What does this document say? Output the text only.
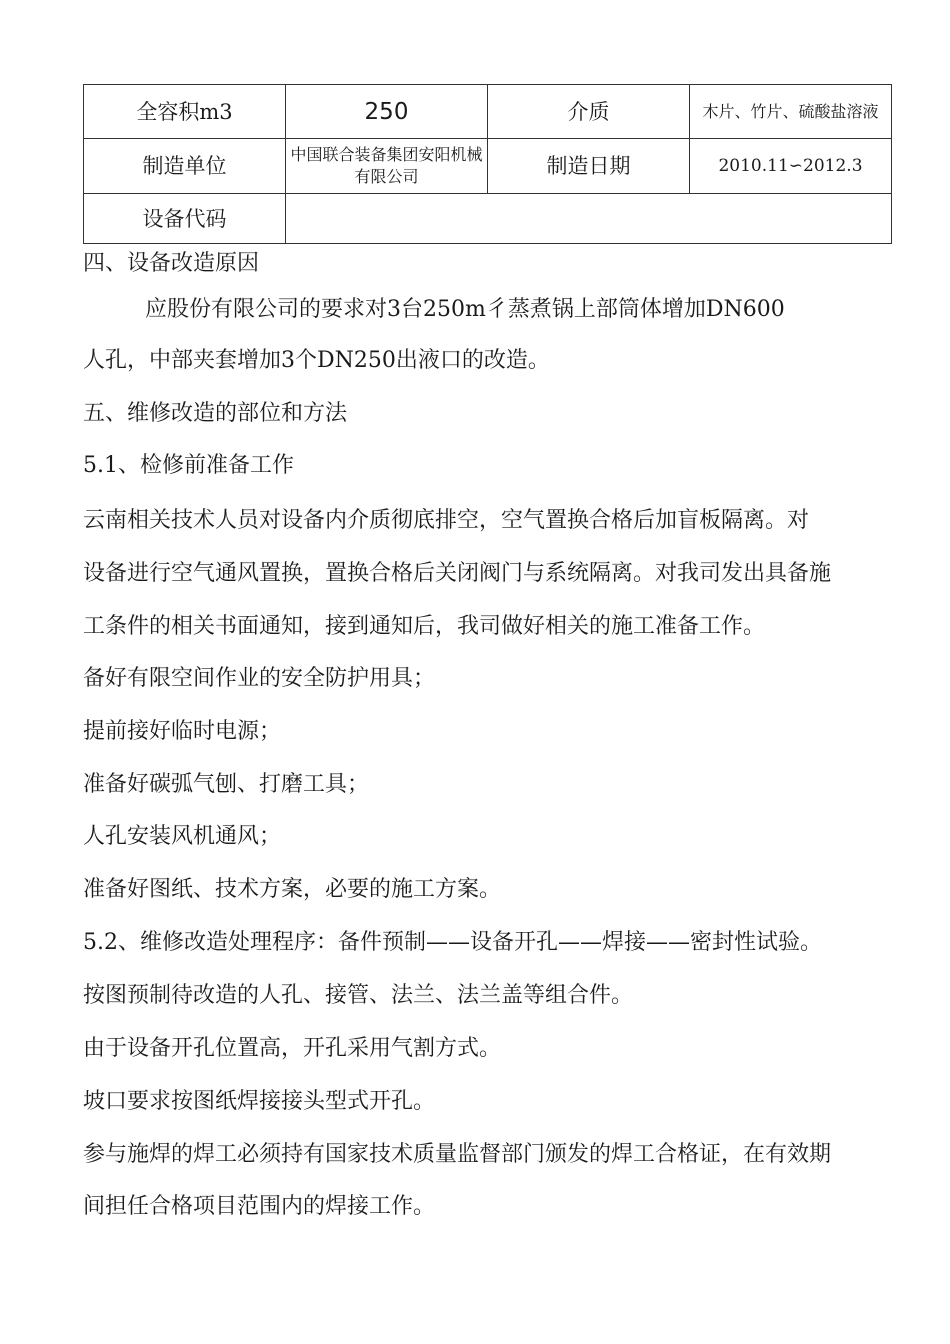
全容积m3	250	介质	木片、竹片、硫酸盐溶液
制造单位	中国联合装备集团安阳机械有限公司	制造日期	2010.11∽2012.3
设备代码			
四、设备改造原因
应股份有限公司的要求对3台250m彳蒸煮锅上部筒体增加DN600
人孔，中部夹套增加3个DN250出液口的改造。
五、维修改造的部位和方法
5.1、检修前准备工作
云南相关技术人员对设备内介质彻底排空，空气置换合格后加盲板隔离。对
设备进行空气通风置换，置换合格后关闭阀门与系统隔离。对我司发出具备施
工条件的相关书面通知，接到通知后，我司做好相关的施工准备工作。
备好有限空间作业的安全防护用具；
提前接好临时电源；
准备好碳弧气刨、打磨工具；
人孔安装风机通风；
准备好图纸、技术方案，必要的施工方案。
5.2、维修改造处理程序：备件预制——设备开孔——焊接——密封性试验。
按图预制待改造的人孔、接管、法兰、法兰盖等组合件。
由于设备开孔位置高，开孔采用气割方式。
坡口要求按图纸焊接接头型式开孔。
参与施焊的焊工必须持有国家技术质量监督部门颁发的焊工合格证，在有效期
间担任合格项目范围内的焊接工作。
